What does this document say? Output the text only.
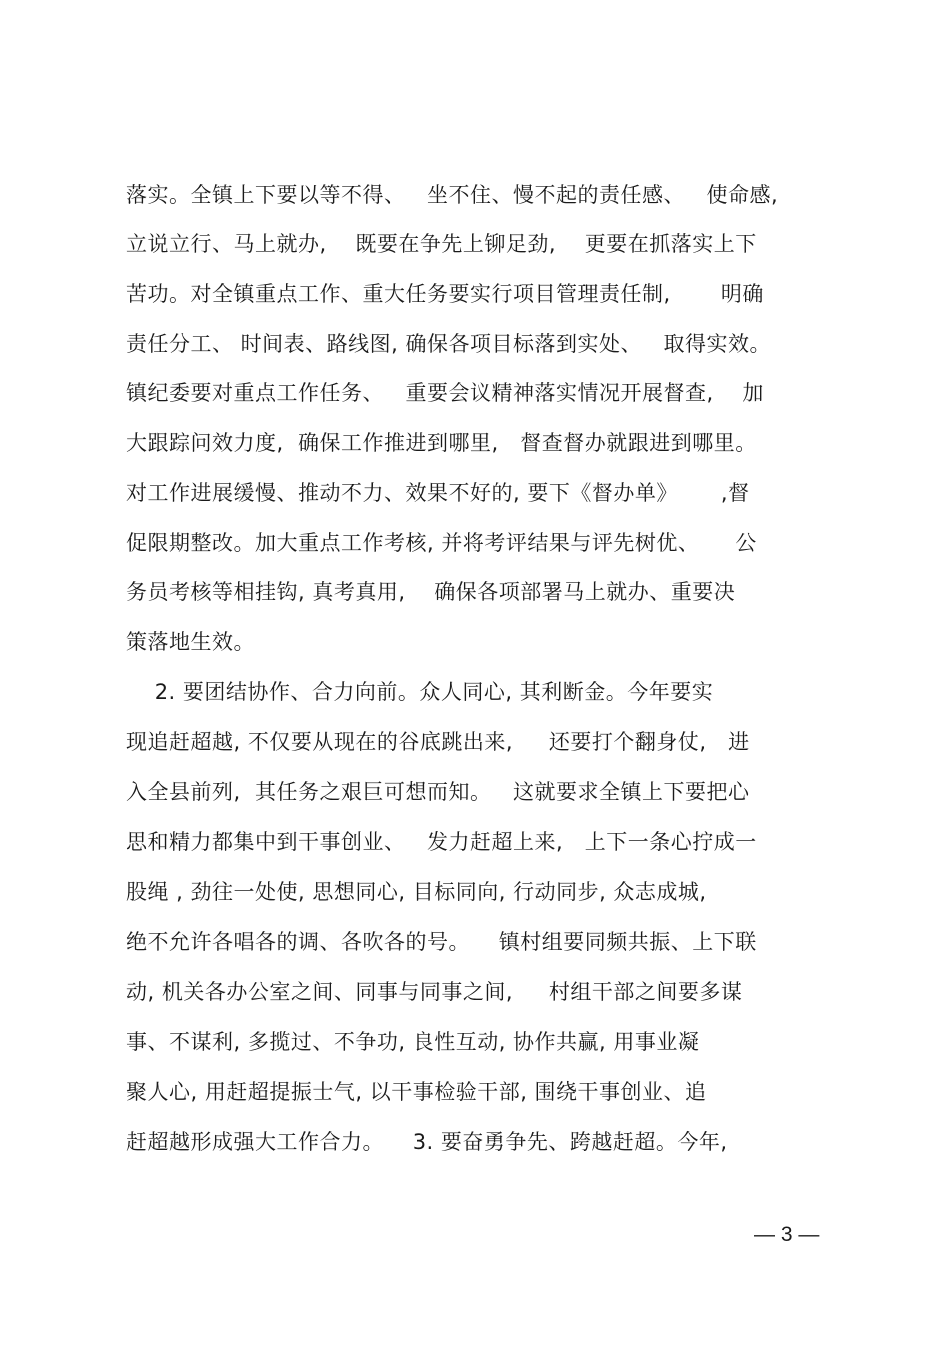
落实。全镇上下要以等不得、   坐不住、慢不起的责任感、   使命感,
立说立行、马上就办,    既要在争先上铆足劲,    更要在抓落实上下
苦功。对全镇重点工作、重大任务要实行项目管理责任制,       明确
责任分工、 时间表、路线图, 确保各项目标落到实处、   取得实效。
镇纪委要对重点工作任务、   重要会议精神落实情况开展督查,    加
大跟踪问效力度,  确保工作推进到哪里,   督查督办就跟进到哪里。
对工作进展缓慢、推动不力、效果不好的, 要下《督办单》      ,督
促限期整改。加大重点工作考核, 并将考评结果与评先树优、     公
务员考核等相挂钩, 真考真用,    确保各项部署马上就办、重要决
策落地生效。
2. 要团结协作、合力向前。众人同心, 其利断金。今年要实
现追赶超越, 不仅要从现在的谷底跳出来,     还要打个翻身仗,   进
入全县前列,  其任务之艰巨可想而知。   这就要求全镇上下要把心
思和精力都集中到干事创业、   发力赶超上来,   上下一条心拧成一
股绳 , 劲往一处使, 思想同心, 目标同向, 行动同步, 众志成城,
绝不允许各唱各的调、各吹各的号。    镇村组要同频共振、上下联
动, 机关各办公室之间、同事与同事之间,     村组干部之间要多谋
事、不谋利, 多揽过、不争功, 良性互动, 协作共赢, 用事业凝
聚人心, 用赶超提振士气, 以干事检验干部, 围绕干事创业、追
赶超越形成强大工作合力。    3. 要奋勇争先、跨越赶超。今年,
— 3 —
